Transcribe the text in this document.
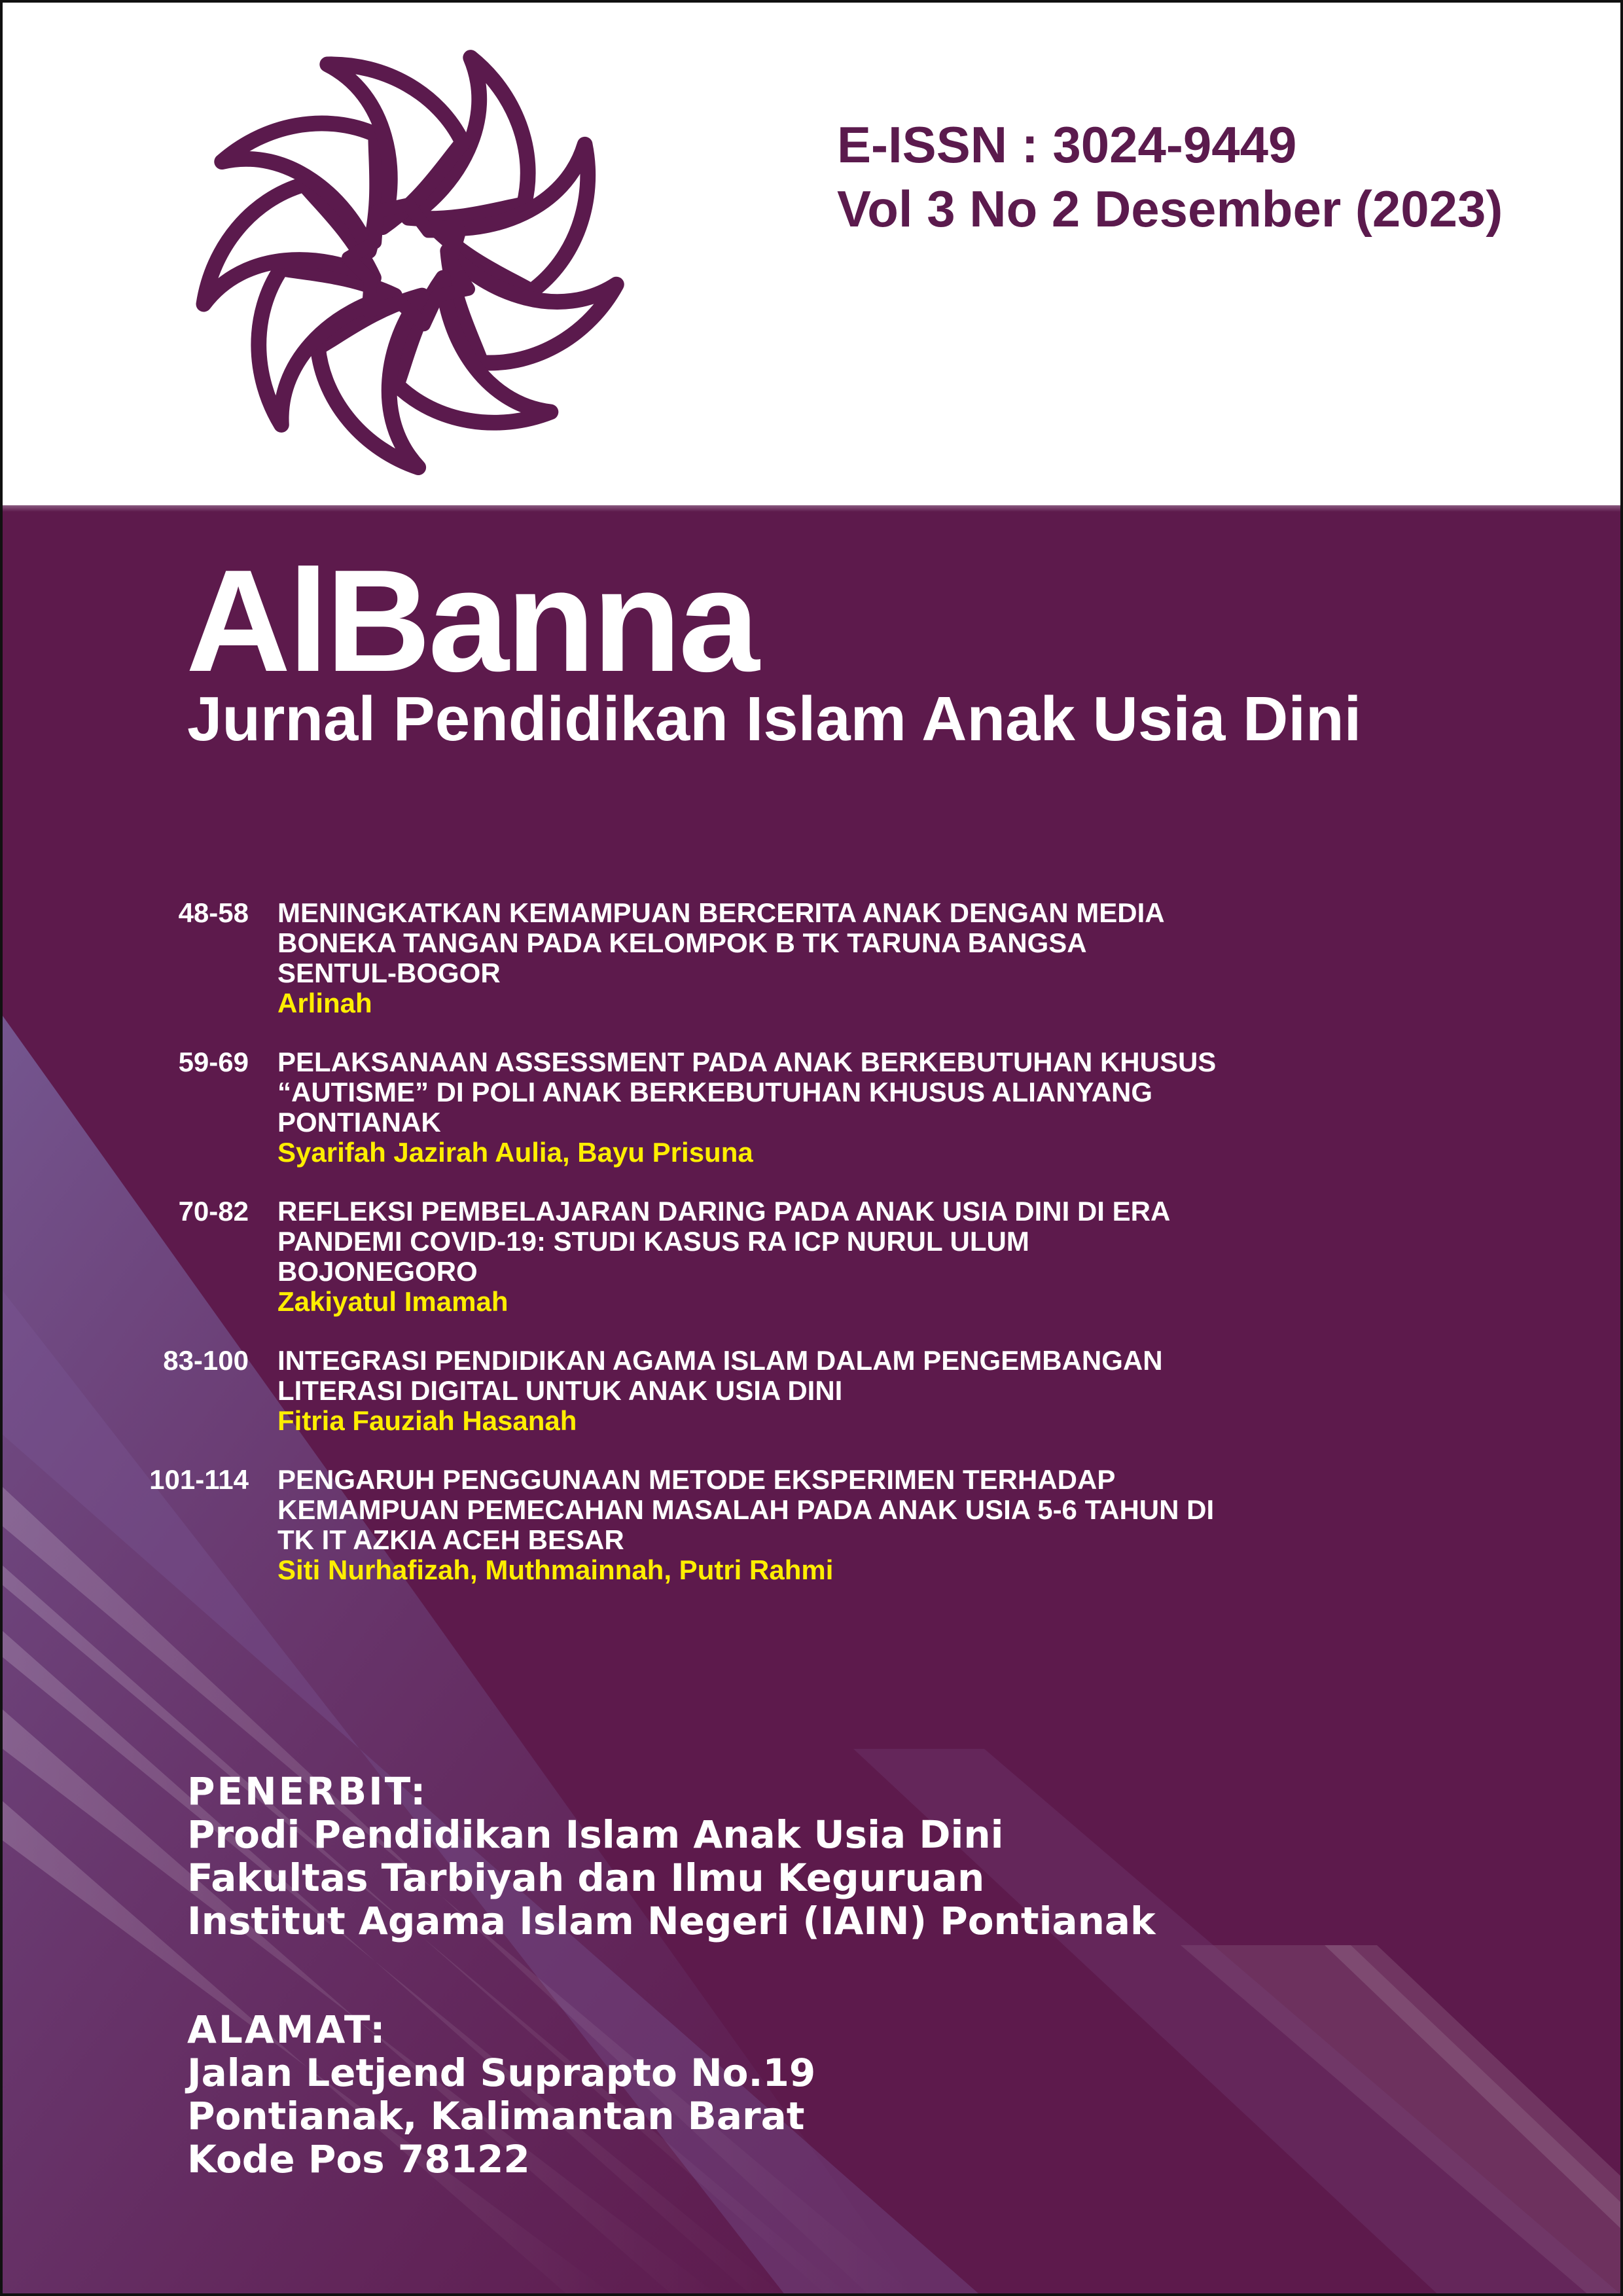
E-ISSN : 3024-9449
Vol 3 No 2 Desember (2023)
AlBanna
Jurnal Pendidikan Islam Anak Usia Dini
48-58 MENINGKATKAN KEMAMPUAN BERCERITA ANAK DENGAN MEDIA
BONEKA TANGAN PADA KELOMPOK B TK TARUNA BANGSA
SENTUL-BOGOR
Arlinah
59-69 PELAKSANAAN ASSESSMENT PADA ANAK BERKEBUTUHAN KHUSUS
“AUTISME” DI POLI ANAK BERKEBUTUHAN KHUSUS ALIANYANG
PONTIANAK
Syarifah Jazirah Aulia, Bayu Prisuna
70-82 REFLEKSI PEMBELAJARAN DARING PADA ANAK USIA DINI DI ERA
PANDEMI COVID-19: STUDI KASUS RA ICP NURUL ULUM
BOJONEGORO
Zakiyatul Imamah
83-100 INTEGRASI PENDIDIKAN AGAMA ISLAM DALAM PENGEMBANGAN
LITERASI DIGITAL UNTUK ANAK USIA DINI
Fitria Fauziah Hasanah
101-114 PENGARUH PENGGUNAAN METODE EKSPERIMEN TERHADAP
KEMAMPUAN PEMECAHAN MASALAH PADA ANAK USIA 5-6 TAHUN DI
TK IT AZKIA ACEH BESAR
Siti Nurhafizah, Muthmainnah, Putri Rahmi
PENERBIT:
Prodi Pendidikan Islam Anak Usia Dini
Fakultas Tarbiyah dan Ilmu Keguruan
Institut Agama Islam Negeri (IAIN) Pontianak
ALAMAT:
Jalan Letjend Suprapto No.19
Pontianak, Kalimantan Barat
Kode Pos 78122
